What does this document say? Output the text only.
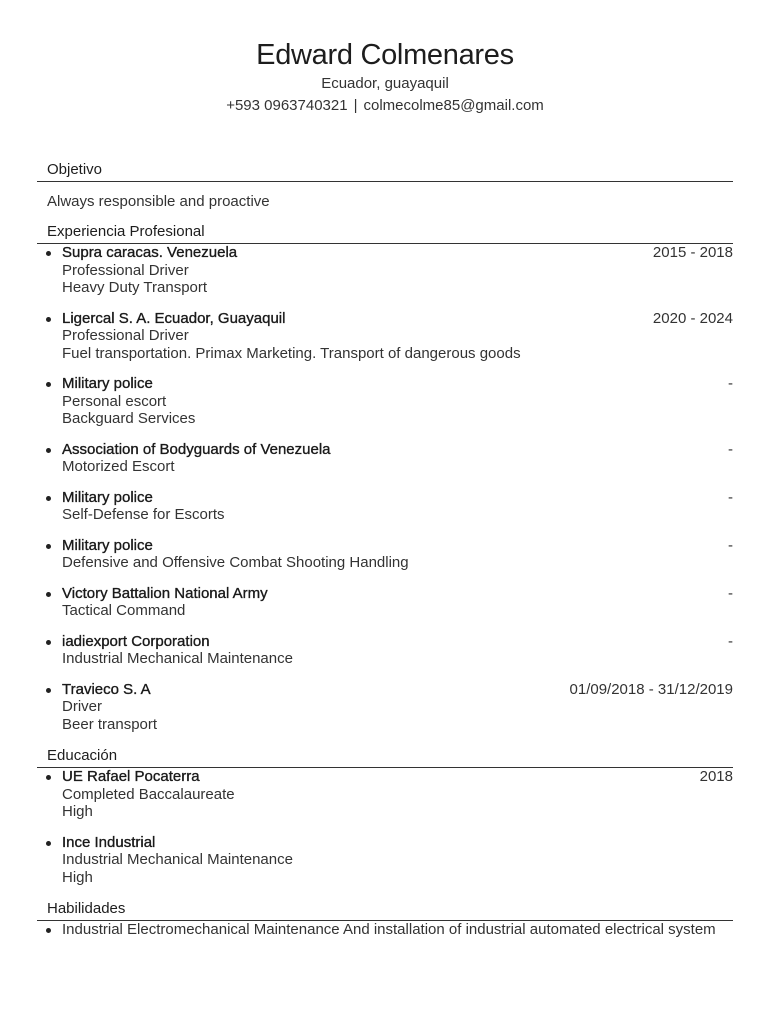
Edward Colmenares
Ecuador, guayaquil
+593 0963740321 | colmecolme85@gmail.com
Objetivo
Always responsible and proactive
Experiencia Profesional
Supra caracas. Venezuela	2015 - 2018
Professional Driver
Heavy Duty Transport
Ligercal S. A. Ecuador, Guayaquil	2020 - 2024
Professional Driver
Fuel transportation. Primax Marketing. Transport of dangerous goods
Military police	-
Personal escort
Backguard Services
Association of Bodyguards of Venezuela	-
Motorized Escort
Military police	-
Self-Defense for Escorts
Military police	-
Defensive and Offensive Combat Shooting Handling
Victory Battalion National Army	-
Tactical Command
iadiexport Corporation	-
Industrial Mechanical Maintenance
Travieco S. A	01/09/2018 - 31/12/2019
Driver
Beer transport
Educación
UE Rafael Pocaterra	2018
Completed Baccalaureate
High
Ince Industrial
Industrial Mechanical Maintenance
High
Habilidades
Industrial Electromechanical Maintenance And installation of industrial automated electrical system
